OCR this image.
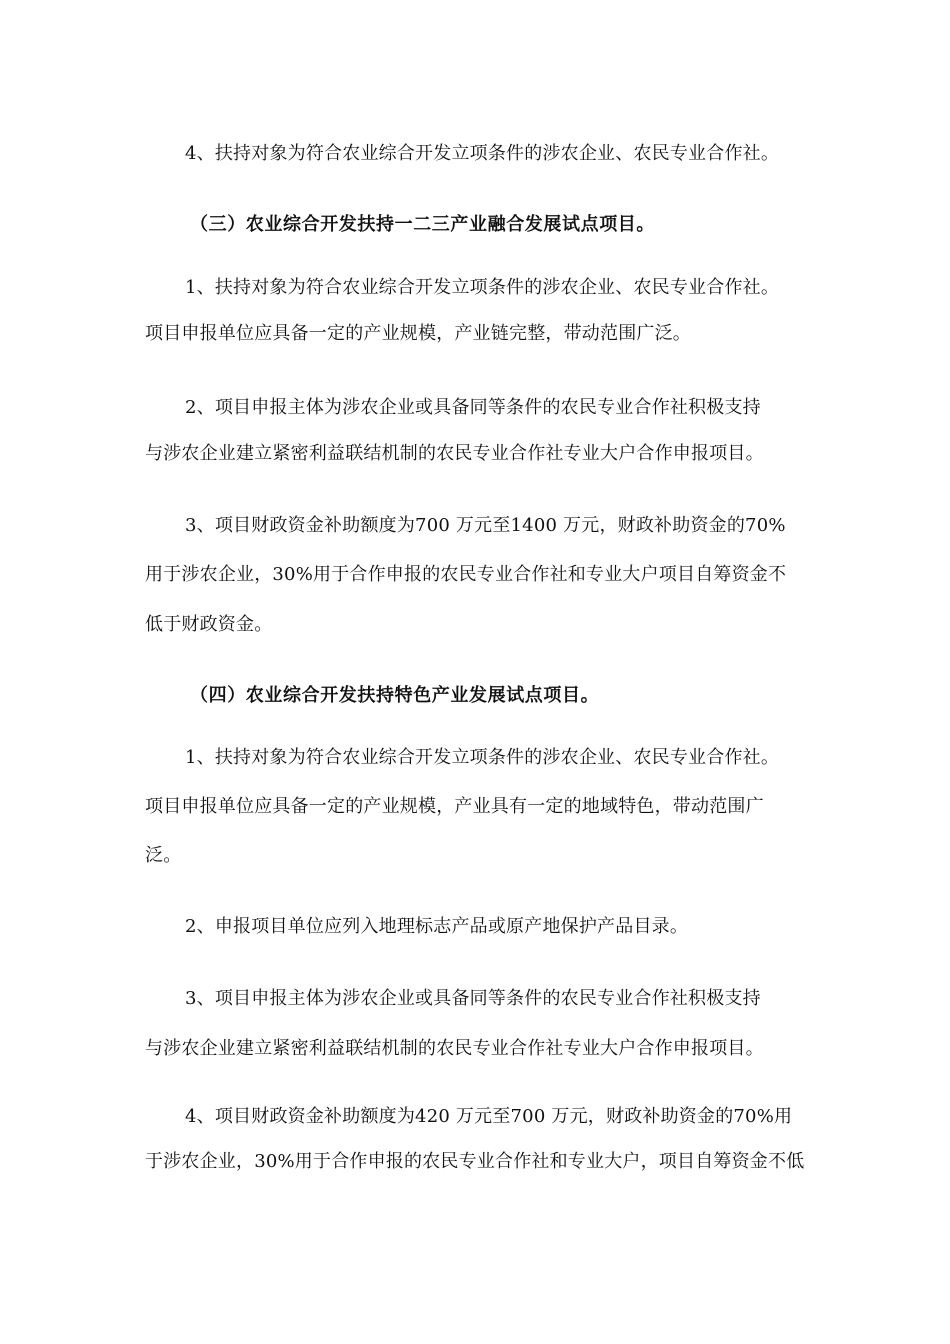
4、扶持对象为符合农业综合开发立项条件的涉农企业、农民专业合作社。
（三）农业综合开发扶持一二三产业融合发展试点项目。
1、扶持对象为符合农业综合开发立项条件的涉农企业、农民专业合作社。
项目申报单位应具备一定的产业规模，产业链完整，带动范围广泛。
2、项目申报主体为涉农企业或具备同等条件的农民专业合作社积极支持
与涉农企业建立紧密利益联结机制的农民专业合作社专业大户合作申报项目。
3、项目财政资金补助额度为700 万元至1400 万元，财政补助资金的70%
用于涉农企业，30%用于合作申报的农民专业合作社和专业大户项目自筹资金不
低于财政资金。
（四）农业综合开发扶持特色产业发展试点项目。
1、扶持对象为符合农业综合开发立项条件的涉农企业、农民专业合作社。
项目申报单位应具备一定的产业规模，产业具有一定的地域特色，带动范围广
泛。
2、申报项目单位应列入地理标志产品或原产地保护产品目录。
3、项目申报主体为涉农企业或具备同等条件的农民专业合作社积极支持
与涉农企业建立紧密利益联结机制的农民专业合作社专业大户合作申报项目。
4、项目财政资金补助额度为420 万元至700 万元，财政补助资金的70%用
于涉农企业，30%用于合作申报的农民专业合作社和专业大户，项目自筹资金不低
